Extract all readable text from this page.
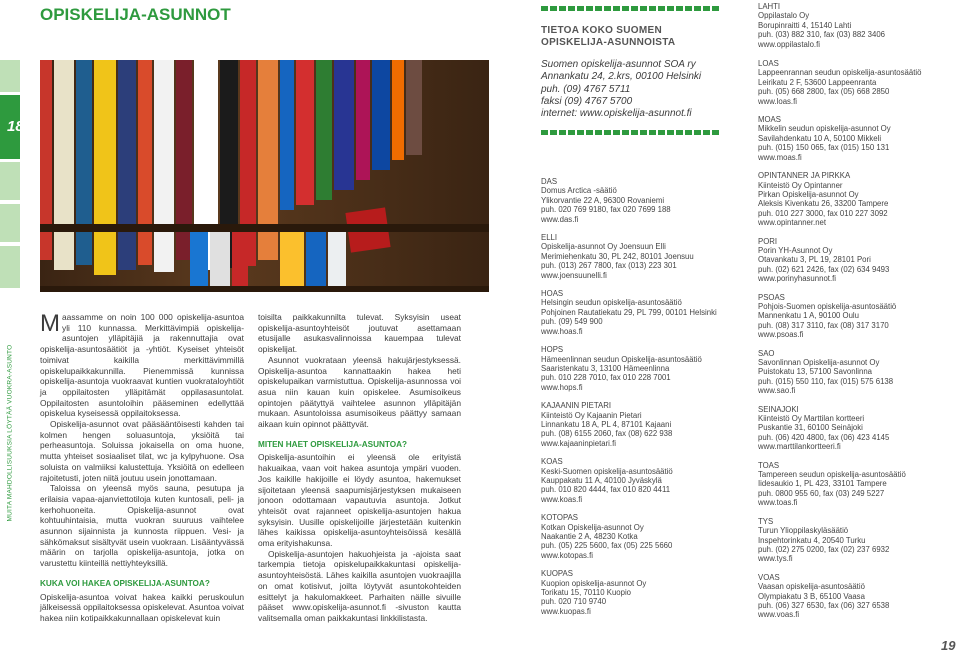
18
MUITA MAHDOLLISUUKSIA LÖYTÄÄ VUOKRA-ASUNTO
OPISKELIJA-ASUNNOT

Maassamme on noin 100 000 opiskelija-asuntoa yli 110 kunnassa. Merkittävimpiä opiskelija-asuntojen ylläpitäjiä ja rakennuttajia ovat opiskelija-asuntosäätiöt ja -yhtiöt. Kyseiset yhteisöt toimivat kaikilla merkittävimmillä opiskelupaikkakunnilla. Pienemmissä kunnissa opiskelija-asuntoja vuokraavat kuntien vuokrataloyhtiöt ja oppilaitosten ylläpitämät oppilasasuntolat. Oppilaitosten asuntoloihin pääseminen edellyttää opiskelua kyseisessä oppilaitoksessa.

Opiskelija-asunnot ovat pääsääntöisesti kahden tai kolmen hengen soluasuntoja, yksiöitä tai perheasuntoja. Soluissa jokaisella on oma huone, mutta yhteiset sosiaaliset tilat, wc ja kylpyhuone. Osa soluista on valmiiksi kalustettuja. Yksiöitä on edelleen rajoitetusti, joten niitä joutuu usein jonottamaan.

Taloissa on yleensä myös sauna, pesutupa ja erilaisia vapaa-ajanviettotiloja kuten kuntosali, peli- ja kerhohuoneita. Opiskelija-asunnot ovat kohtuuhintaisia, mutta vuokran suuruus vaihtelee asunnon sijainnista ja kunnosta riippuen. Vesi- ja sähkömaksut sisältyvät usein vuokraan. Lisääntyvässä määrin on tarjolla opiskelija-asuntoja, jotka on varustettu kiinteillä nettiyhteyksillä.

KUKA VOI HAKEA OPISKELIJA-ASUNTOA?

Opiskelija-asuntoa voivat hakea kaikki peruskoulun jälkeisessä oppilaitoksessa opiskelevat. Asuntoa voivat hakea niin kotipaikkakunnallaan opiskelevat kuin

toisilta paikkakunnilta tulevat. Syksyisin useat opiskelija-asuntoyhteisöt joutuvat asettamaan etusijalle asukasvalinnoissa kauempaa tulevat opiskelijat.

Asunnot vuokrataan yleensä hakujärjestyksessä. Opiskelija-asuntoa kannattaakin hakea heti opiskelupaikan varmistuttua. Opiskelija-asunnossa voi asua niin kauan kuin opiskelee. Asumisoikeus opintojen päätyttyä vaihtelee asunnon ylläpitäjän mukaan. Asuntoloissa asumisoikeus päättyy samaan aikaan kuin opinnot päättyvät.

MITEN HAET OPISKELIJA-ASUNTOA?

Opiskelija-asuntoihin ei yleensä ole erityistä hakuaikaa, vaan voit hakea asuntoja ympäri vuoden. Jos kaikille hakijoille ei löydy asuntoa, hakemukset sijoitetaan yleensä saapumisjärjestyksen mukaiseen jonoon odottamaan vapautuvia asuntoja. Jotkut yhteisöt ovat rajanneet opiskelija-asuntojen hakua syksyisin. Uusille opiskelijoille järjestetään kuitenkin lähes kaikissa opiskelija-asuntoyhteisöissä kesällä oma erityishakunsa.

Opiskelija-asuntojen hakuohjeista ja -ajoista saat tarkempia tietoja opiskelupaikkakuntasi opiskelija-asuntoyhteisöstä. Lähes kaikilla asuntojen vuokraajilla on omat kotisivut, joilta löytyvät asuntokohteiden esittelyt ja hakulomakkeet. Parhaiten näille sivuille pääset www.opiskelija-asunnot.fi -sivuston kautta valitsemalla oman paikkakuntasi linkkilistasta.

TIETOA KOKO SUOMEN
OPISKELIJA-ASUNNOISTA
Suomen opiskelija-asunnot SOA ry
Annankatu 24, 2.krs, 00100 Helsinki
puh. (09) 4767 5711
faksi (09) 4767 5700
internet: www.opiskelija-asunnot.fi
DAS
Domus Arctica -säätiö
Ylikorvantie 22 A, 96300 Rovaniemi
puh. 020 769 9180, fax 020 7699 188
www.das.fi
ELLI
Opiskelija-asunnot Oy Joensuun Elli
Merimiehenkatu 30, PL 242, 80101 Joensuu
puh. (013) 267 7800, fax (013) 223 301
www.joensuunelli.fi
HOAS
Helsingin seudun opiskelija-asuntosäätiö
Pohjoinen Rautatiekatu 29, PL 799, 00101 Helsinki
puh. (09) 549 900
www.hoas.fi
HOPS
Hämeenlinnan seudun Opiskelija-asuntosäätiö
Saaristenkatu 3, 13100 Hämeenlinna
puh. 010 228 7010, fax 010 228 7001
www.hops.fi
KAJAANIN PIETARI
Kiinteistö Oy Kajaanin Pietari
Linnankatu 18 A, PL 4, 87101 Kajaani
puh. (08) 6155 2060, fax (08) 622 938
www.kajaaninpietari.fi
KOAS
Keski-Suomen opiskelija-asuntosäätiö
Kauppakatu 11 A, 40100 Jyväskylä
puh. 010 820 4444, fax 010 820 4411
www.koas.fi
KOTOPAS
Kotkan Opiskelija-asunnot Oy
Naakantie 2 A, 48230 Kotka
puh. (05) 225 5600, fax (05) 225 5660
www.kotopas.fi
KUOPAS
Kuopion opiskelija-asunnot Oy
Torikatu 15, 70110 Kuopio
puh. 020 710 9740
www.kuopas.fi
LAHTI
Oppilastalo Oy
Borupinraitti 4, 15140 Lahti
puh. (03) 882 310, fax (03) 882 3406
www.oppilastalo.fi
LOAS
Lappeenrannan seudun opiskelija-asuntosäätiö
Leirikatu 2 F, 53600 Lappeenranta
puh. (05) 668 2800, fax (05) 668 2850
www.loas.fi
MOAS
Mikkelin seudun opiskelija-asunnot Oy
Savilahdenkatu 10 A, 50100 Mikkeli
puh. (015) 150 065, fax (015) 150 131
www.moas.fi
OPINTANNER JA PIRKKA
Kiinteistö Oy Opintanner
Pirkan Opiskelija-asunnot Oy
Aleksis Kivenkatu 26, 33200 Tampere
puh. 010 227 3000, fax 010 227 3092
www.opintanner.net
PORI
Porin YH-Asunnot Oy
Otavankatu 3, PL 19, 28101 Pori
puh. (02) 621 2426, fax (02) 634 9493
www.porinyhasunnot.fi
PSOAS
Pohjois-Suomen opiskelija-asuntosäätiö
Mannenkatu 1 A, 90100 Oulu
puh. (08) 317 3110, fax (08) 317 3170
www.psoas.fi
SAO
Savonlinnan Opiskelija-asunnot Oy
Puistokatu 13, 57100 Savonlinna
puh. (015) 550 110, fax (015) 575 6138
www.sao.fi
SEINAJOKI
Kiinteistö Oy Marttilan kortteeri
Puskantie 31, 60100 Seinäjoki
puh. (06) 420 4800, fax (06) 423 4145
www.marttilankortteeri.fi
TOAS
Tampereen seudun opiskelija-asuntosäätiö
Iidesaukio 1, PL 423, 33101 Tampere
puh. 0800 955 60, fax (03) 249 5227
www.toas.fi
TYS
Turun Ylioppilaskyläsäätiö
Inspehtorinkatu 4, 20540 Turku
puh. (02) 275 0200, fax (02) 237 6932
www.tys.fi
VOAS
Vaasan opiskelija-asuntosäätiö
Olympiakatu 3 B, 65100 Vaasa
puh. (06) 327 6530, fax (06) 327 6538
www.voas.fi
19
